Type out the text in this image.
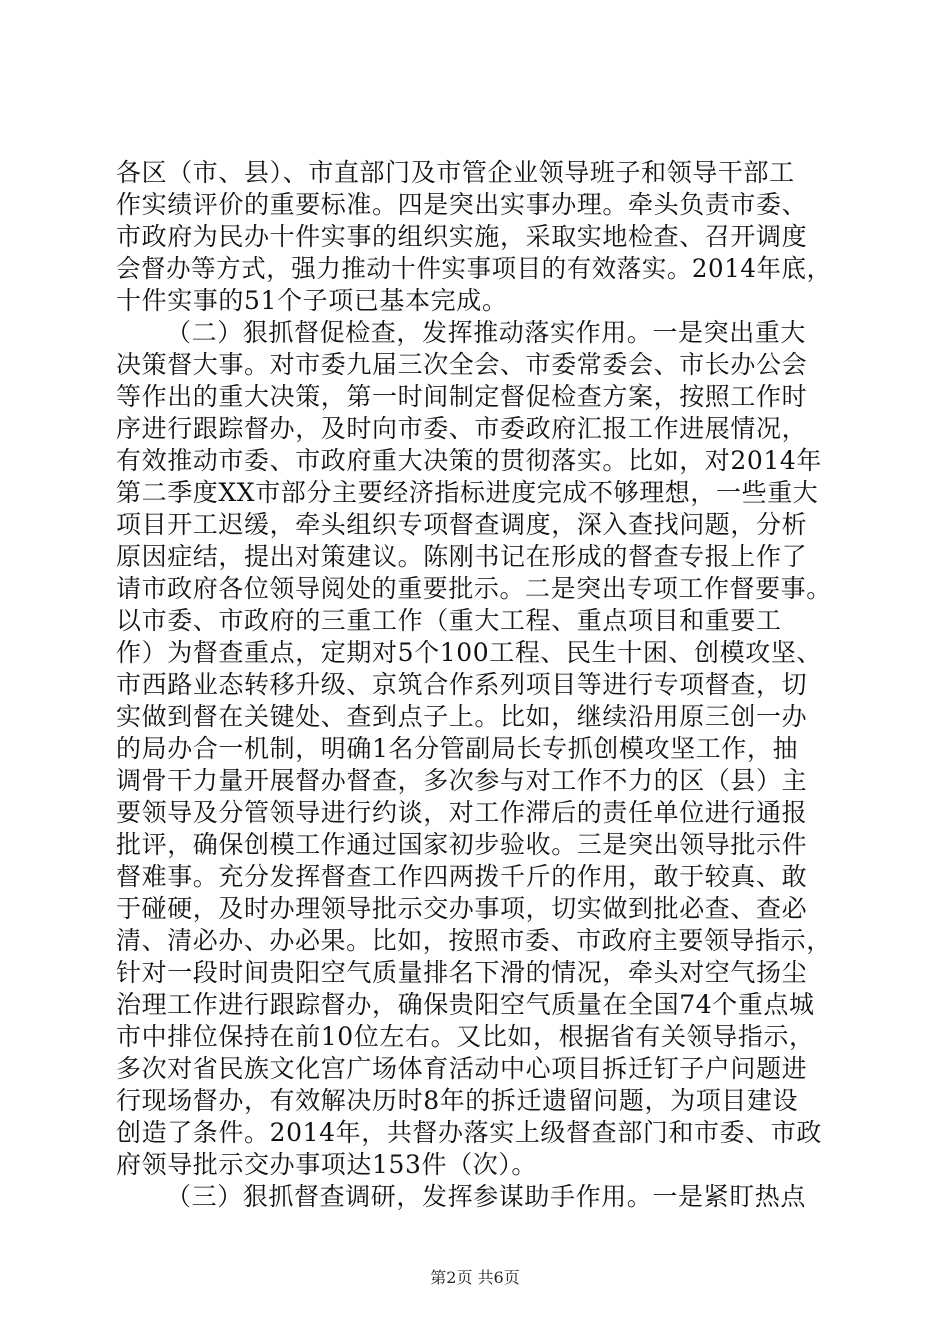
各区（市、县）、市直部门及市管企业领导班子和领导干部工
作实绩评价的重要标准。四是突出实事办理。牵头负责市委、
市政府为民办十件实事的组织实施，采取实地检查、召开调度
会督办等方式，强力推动十件实事项目的有效落实。2014年底，
十件实事的51个子项已基本完成。
（二）狠抓督促检查，发挥推动落实作用。一是突出重大
决策督大事。对市委九届三次全会、市委常委会、市长办公会
等作出的重大决策，第一时间制定督促检查方案，按照工作时
序进行跟踪督办，及时向市委、市委政府汇报工作进展情况，
有效推动市委、市政府重大决策的贯彻落实。比如，对2014年
第二季度XX市部分主要经济指标进度完成不够理想，一些重大
项目开工迟缓，牵头组织专项督查调度，深入查找问题，分析
原因症结，提出对策建议。陈刚书记在形成的督查专报上作了
请市政府各位领导阅处的重要批示。二是突出专项工作督要事。
以市委、市政府的三重工作（重大工程、重点项目和重要工
作）为督查重点，定期对5个100工程、民生十困、创模攻坚、
市西路业态转移升级、京筑合作系列项目等进行专项督查，切
实做到督在关键处、查到点子上。比如，继续沿用原三创一办
的局办合一机制，明确1名分管副局长专抓创模攻坚工作，抽
调骨干力量开展督办督查，多次参与对工作不力的区（县）主
要领导及分管领导进行约谈，对工作滞后的责任单位进行通报
批评，确保创模工作通过国家初步验收。三是突出领导批示件
督难事。充分发挥督查工作四两拨千斤的作用，敢于较真、敢
于碰硬，及时办理领导批示交办事项，切实做到批必查、查必
清、清必办、办必果。比如，按照市委、市政府主要领导指示，
针对一段时间贵阳空气质量排名下滑的情况，牵头对空气扬尘
治理工作进行跟踪督办，确保贵阳空气质量在全国74个重点城
市中排位保持在前10位左右。又比如，根据省有关领导指示，
多次对省民族文化宫广场体育活动中心项目拆迁钉子户问题进
行现场督办，有效解决历时8年的拆迁遗留问题，为项目建设
创造了条件。2014年，共督办落实上级督查部门和市委、市政
府领导批示交办事项达153件（次）。
（三）狠抓督查调研，发挥参谋助手作用。一是紧盯热点
第2页 共6页
